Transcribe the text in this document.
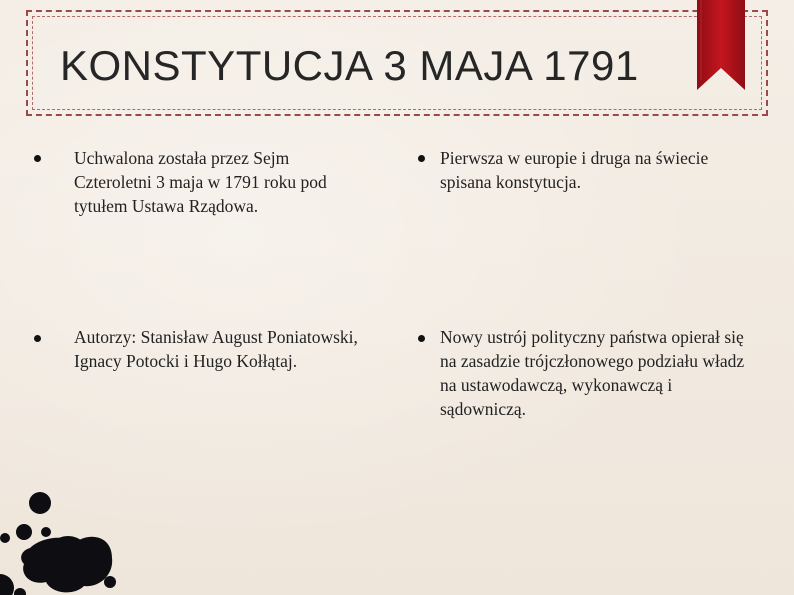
KONSTYTUCJA 3 MAJA 1791
Uchwalona została przez Sejm Czteroletni 3 maja w 1791 roku pod tytułem Ustawa Rządowa.
Pierwsza w europie i druga na świecie spisana konstytucja.
Autorzy: Stanisław August Poniatowski, Ignacy Potocki i Hugo Kołłątaj.
Nowy ustrój polityczny państwa opierał się na zasadzie trójczłonowego podziału władz na ustawodawczą, wykonawczą i sądowniczą.
